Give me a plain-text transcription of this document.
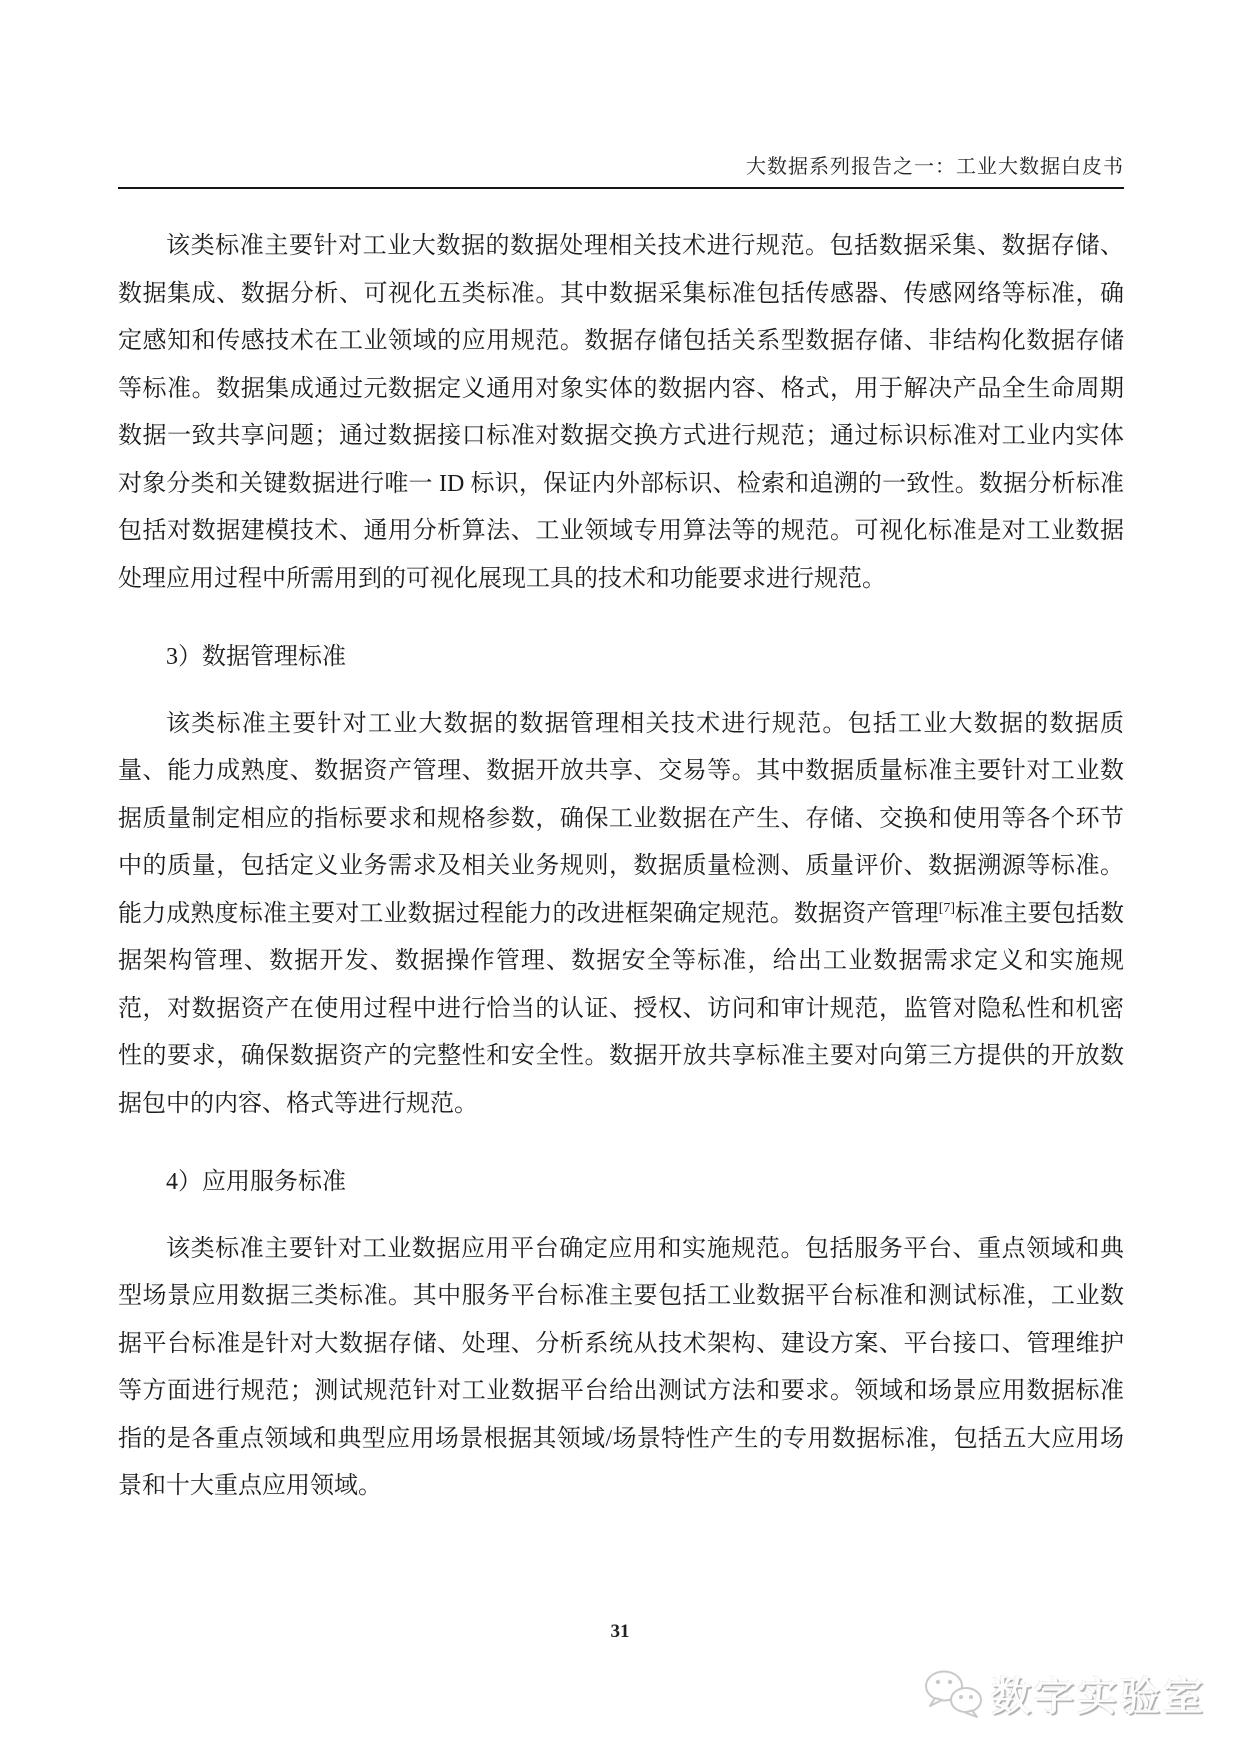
大数据系列报告之一：工业大数据白皮书

该类标准主要针对工业大数据的数据处理相关技术进行规范。包括数据采集、数据存储、数据集成、数据分析、可视化五类标准。其中数据采集标准包括传感器、传感网络等标准，确定感知和传感技术在工业领域的应用规范。数据存储包括关系型数据存储、非结构化数据存储等标准。数据集成通过元数据定义通用对象实体的数据内容、格式，用于解决产品全生命周期数据一致共享问题；通过数据接口标准对数据交换方式进行规范；通过标识标准对工业内实体对象分类和关键数据进行唯一 ID 标识，保证内外部标识、检索和追溯的一致性。数据分析标准包括对数据建模技术、通用分析算法、工业领域专用算法等的规范。可视化标准是对工业数据处理应用过程中所需用到的可视化展现工具的技术和功能要求进行规范。

3）数据管理标准

该类标准主要针对工业大数据的数据管理相关技术进行规范。包括工业大数据的数据质量、能力成熟度、数据资产管理、数据开放共享、交易等。其中数据质量标准主要针对工业数据质量制定相应的指标要求和规格参数，确保工业数据在产生、存储、交换和使用等各个环节中的质量，包括定义业务需求及相关业务规则，数据质量检测、质量评价、数据溯源等标准。能力成熟度标准主要对工业数据过程能力的改进框架确定规范。数据资产管理[7]标准主要包括数据架构管理、数据开发、数据操作管理、数据安全等标准，给出工业数据需求定义和实施规范，对数据资产在使用过程中进行恰当的认证、授权、访问和审计规范，监管对隐私性和机密性的要求，确保数据资产的完整性和安全性。数据开放共享标准主要对向第三方提供的开放数据包中的内容、格式等进行规范。

4）应用服务标准

该类标准主要针对工业数据应用平台确定应用和实施规范。包括服务平台、重点领域和典型场景应用数据三类标准。其中服务平台标准主要包括工业数据平台标准和测试标准，工业数据平台标准是针对大数据存储、处理、分析系统从技术架构、建设方案、平台接口、管理维护等方面进行规范；测试规范针对工业数据平台给出测试方法和要求。领域和场景应用数据标准指的是各重点领域和典型应用场景根据其领域/场景特性产生的专用数据标准，包括五大应用场景和十大重点应用领域。

31
数字实验室
